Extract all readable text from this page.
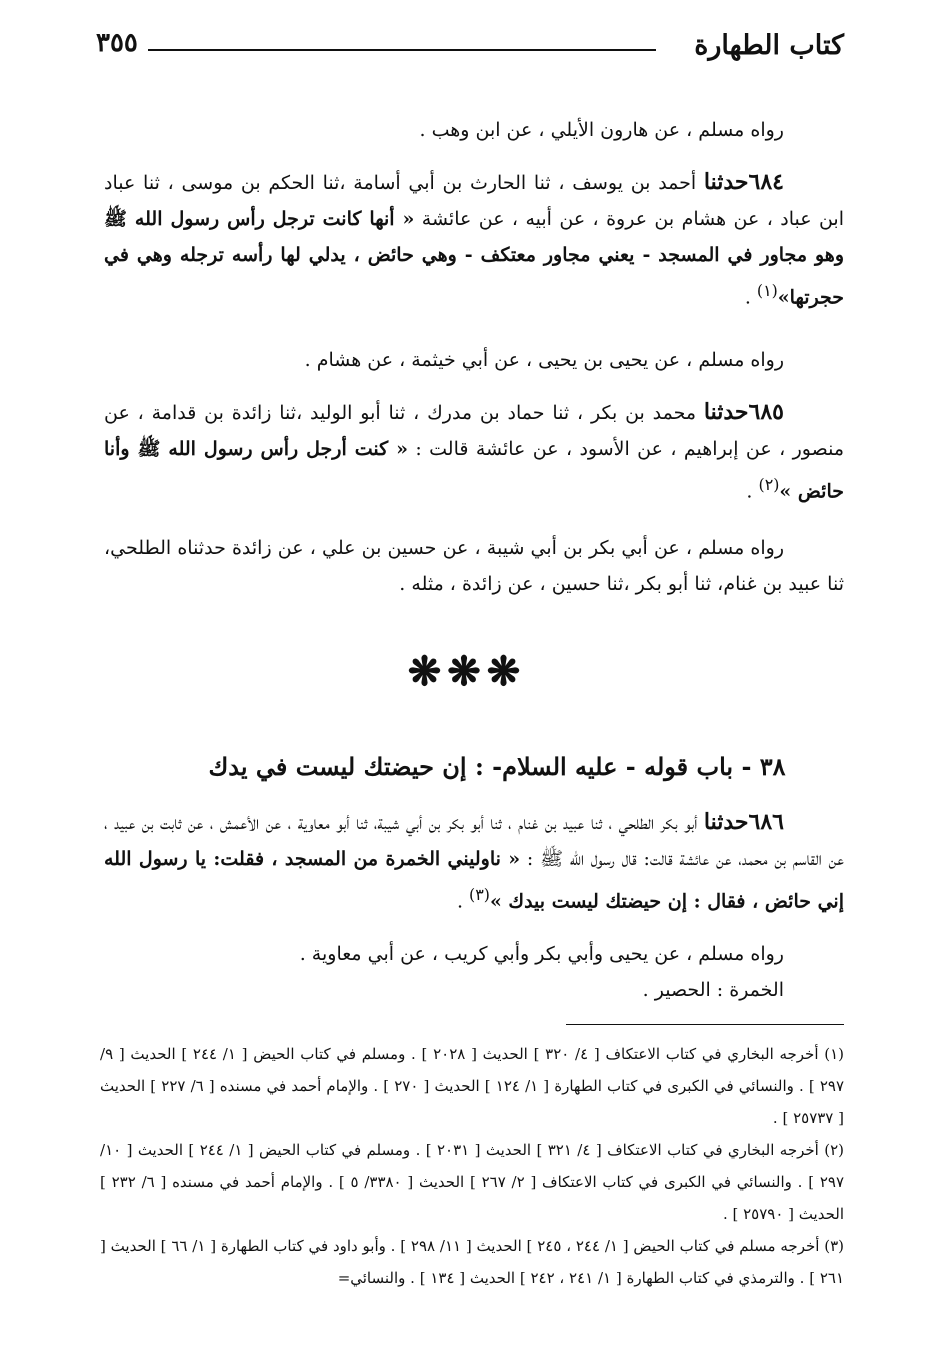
كتاب الطهارة
٣٥٥
رواه مسلم ، عن هارون الأيلي ، عن ابن وهب .
٦٨٤حدثنا أحمد بن يوسف ، ثنا الحارث بن أبي أسامة ،ثنا الحكم بن موسى ، ثنا عباد ابن عباد ، عن هشام بن عروة ، عن أبيه ، عن عائشة « أنها كانت ترجل رأس رسول الله ﷺ وهو مجاور في المسجد - يعني مجاور معتكف - وهي حائض ، يدلي لها رأسه ترجله وهي في حجرتها»$^{(١)}$ .
رواه مسلم ، عن يحيى بن يحيى ، عن أبي خيثمة ، عن هشام .
٦٨٥حدثنا محمد بن بكر ، ثنا حماد بن مدرك ، ثنا أبو الوليد ،ثنا زائدة بن قدامة ، عن منصور ، عن إبراهيم ، عن الأسود ، عن عائشة قالت : « كنت أرجل رأس رسول الله ﷺ وأنا حائض »$^{(٢)}$ .
رواه مسلم ، عن أبي بكر بن أبي شيبة ، عن حسين بن علي ، عن زائدة حدثناه الطلحي، ثنا عبيد بن غنام، ثنا أبو بكر ،ثنا حسين ، عن زائدة ، مثله .
❋❋❋
٣٨ - باب قوله - عليه السلام- : إن حيضتك ليست في يدك
٦٨٦حدثنا أبو بكر الطلحي ، ثنا عبيد بن غنام ، ثنا أبو بكر بن أبي شيبة، ثنا أبو معاوية ، عن الأعمش ، عن ثابت بن عبيد ، عن القاسم بن محمد، عن عائشة قالت: قال رسول الله ﷺ : « ناوليني الخمرة من المسجد ، فقلت: يا رسول الله إني حائض ، فقال : إن حيضتك ليست بيدك »$^{(٣)}$ .
رواه مسلم ، عن يحيى وأبي بكر وأبي كريب ، عن أبي معاوية .
الخمرة : الحصير .

(١) أخرجه البخاري في كتاب الاعتكاف [ ٤/ ٣٢٠ ] الحديث [ ٢٠٢٨ ] . ومسلم في كتاب الحيض [ ١/ ٢٤٤ ] الحديث [ ٩/ ٢٩٧ ] . والنسائي في الكبرى في كتاب الطهارة [ ١/ ١٢٤ ] الحديث [ ٢٧٠ ] . والإمام أحمد في مسنده [ ٦/ ٢٢٧ ] الحديث [ ٢٥٧٣٧ ] .

(٢) أخرجه البخاري في كتاب الاعتكاف [ ٤/ ٣٢١ ] الحديث [ ٢٠٣١ ] . ومسلم في كتاب الحيض [ ١/ ٢٤٤ ] الحديث [ ١٠/ ٢٩٧ ] . والنسائي في الكبرى في كتاب الاعتكاف [ ٢/ ٢٦٧ ] الحديث [ ٣٣٨٠/ ٥ ] . والإمام أحمد في مسنده [ ٦/ ٢٣٢ ] الحديث [ ٢٥٧٩٠ ] .

(٣) أخرجه مسلم في كتاب الحيض [ ١/ ٢٤٤ ، ٢٤٥ ] الحديث [ ١١/ ٢٩٨ ] . وأبو داود في كتاب الطهارة [ ١/ ٦٦ ] الحديث [ ٢٦١ ] . والترمذي في كتاب الطهارة [ ١/ ٢٤١ ، ٢٤٢ ] الحديث [ ١٣٤ ] . والنسائي=
